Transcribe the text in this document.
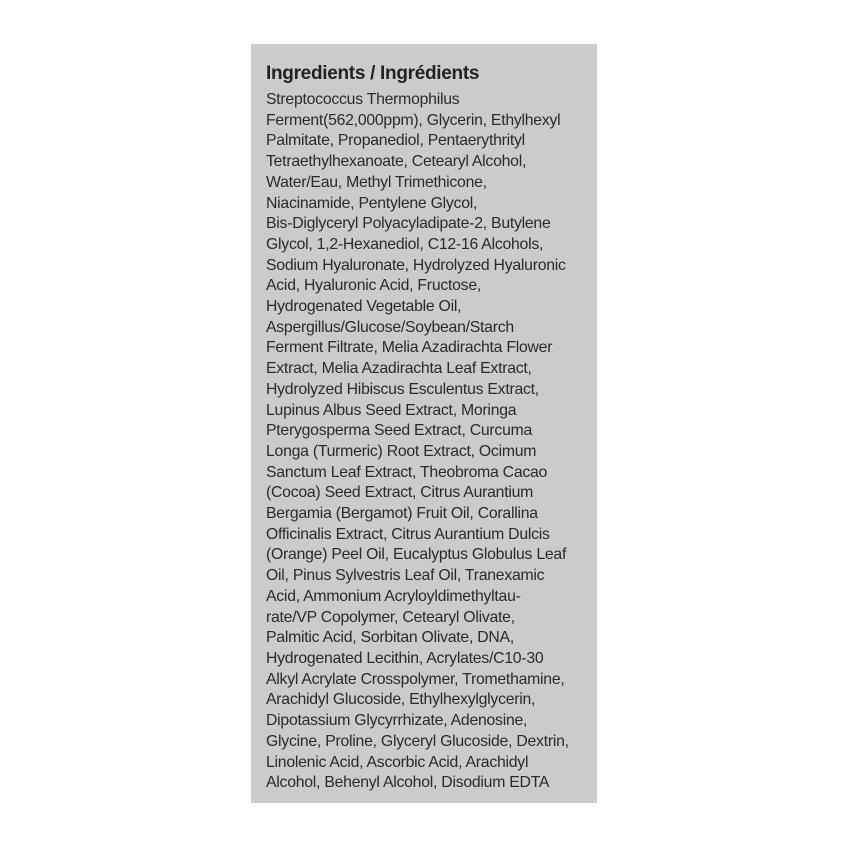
Ingredients / Ingrédients
Streptococcus Thermophilus
Ferment(562,000ppm), Glycerin, Ethylhexyl
Palmitate, Propanediol, Pentaerythrityl
Tetraethylhexanoate, Cetearyl Alcohol,
Water/Eau, Methyl Trimethicone,
Niacinamide, Pentylene Glycol,
Bis-Diglyceryl Polyacyladipate-2, Butylene
Glycol, 1,2-Hexanediol, C12-16 Alcohols,
Sodium Hyaluronate, Hydrolyzed Hyaluronic
Acid, Hyaluronic Acid, Fructose,
Hydrogenated Vegetable Oil,
Aspergillus/Glucose/Soybean/Starch
Ferment Filtrate, Melia Azadirachta Flower
Extract, Melia Azadirachta Leaf Extract,
Hydrolyzed Hibiscus Esculentus Extract,
Lupinus Albus Seed Extract, Moringa
Pterygosperma Seed Extract, Curcuma
Longa (Turmeric) Root Extract, Ocimum
Sanctum Leaf Extract, Theobroma Cacao
(Cocoa) Seed Extract, Citrus Aurantium
Bergamia (Bergamot) Fruit Oil, Corallina
Officinalis Extract, Citrus Aurantium Dulcis
(Orange) Peel Oil, Eucalyptus Globulus Leaf
Oil, Pinus Sylvestris Leaf Oil, Tranexamic
Acid, Ammonium Acryloyldimethyltau-
rate/VP Copolymer, Cetearyl Olivate,
Palmitic Acid, Sorbitan Olivate, DNA,
Hydrogenated Lecithin, Acrylates/C10-30
Alkyl Acrylate Crosspolymer, Tromethamine,
Arachidyl Glucoside, Ethylhexylglycerin,
Dipotassium Glycyrrhizate, Adenosine,
Glycine, Proline, Glyceryl Glucoside, Dextrin,
Linolenic Acid, Ascorbic Acid, Arachidyl
Alcohol, Behenyl Alcohol, Disodium EDTA
